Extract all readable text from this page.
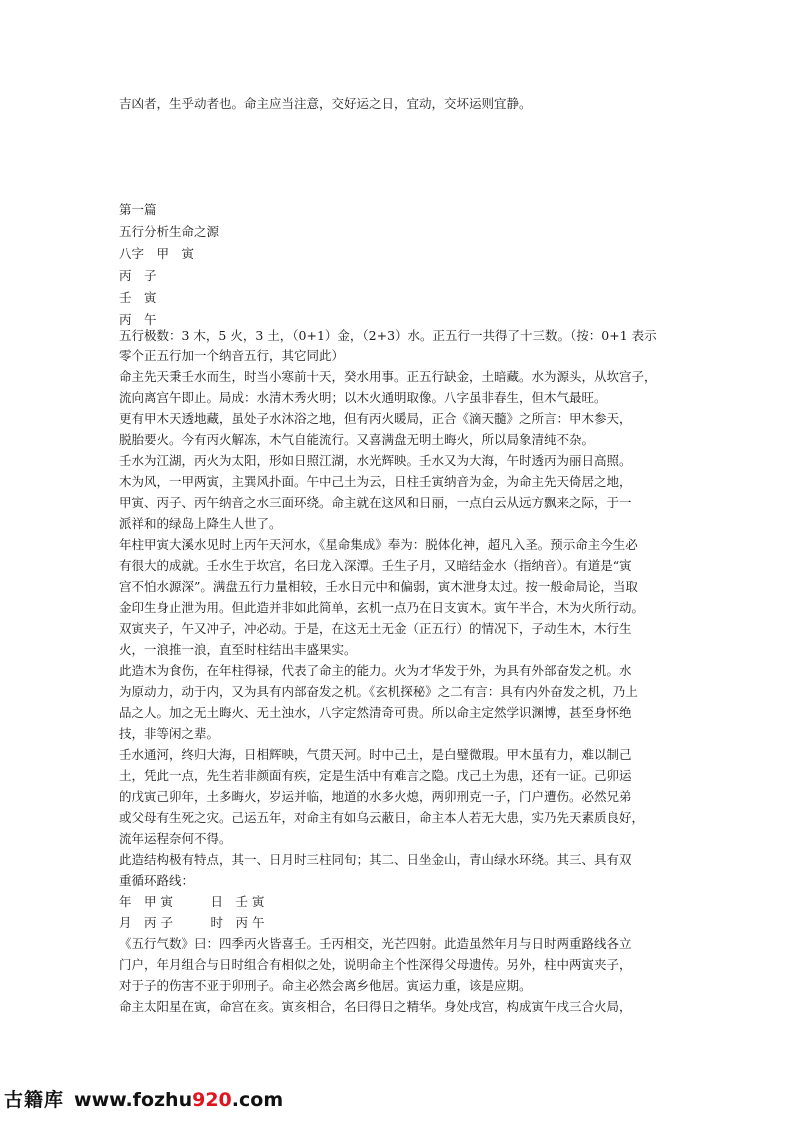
吉凶者，生乎动者也。命主应当注意，交好运之日，宜动，交坏运则宜静。
第一篇
五行分析生命之源
八字　甲　寅
丙　子
壬　寅
丙　午
五行极数：3 木，5 火，3 土，（0+1）金，（2+3）水。正五行一共得了十三数。（按：0+1 表示
零个正五行加一个纳音五行，其它同此）
命主先天秉壬水而生，时当小寒前十天，癸水用事。正五行缺金，土暗藏。水为源头，从坎宫子，
流向离宫午即止。局成：水清木秀火明；以木火通明取像。八字虽非春生，但木气最旺。
更有甲木天透地藏，虽处子水沐浴之地，但有丙火暖局，正合《滴天髓》之所言：甲木参天，
脱胎要火。今有丙火解冻，木气自能流行。又喜满盘无明土晦火，所以局象清纯不杂。
壬水为江湖，丙火为太阳，形如日照江湖，水光辉映。壬水又为大海，午时透丙为丽日高照。
木为风，一甲两寅，主巽风扑面。午中己土为云，日柱壬寅纳音为金，为命主先天倚居之地，
甲寅、丙子、丙午纳音之水三面环绕。命主就在这风和日丽，一点白云从远方飘来之际，于一
派祥和的绿岛上降生人世了。
年柱甲寅大溪水见时上丙午天河水，《星命集成》奉为：脱体化神，超凡入圣。预示命主今生必
有很大的成就。壬水生于坎宫，名曰龙入深潭。壬生子月，又暗结金水（指纳音）。有道是“寅
宫不怕水源深”。满盘五行力量相较，壬水日元中和偏弱，寅木泄身太过。按一般命局论，当取
金印生身止泄为用。但此造并非如此简单，玄机一点乃在日支寅木。寅午半合，木为火所行动。
双寅夹子，午又冲子，冲必动。于是，在这无土无金（正五行）的情况下，子动生木，木行生
火，一浪推一浪，直至时柱结出丰盛果实。
此造木为食伤，在年柱得禄，代表了命主的能力。火为才华发于外，为具有外部奋发之机。水
为原动力，动于内，又为具有内部奋发之机。《玄机探秘》之二有言：具有内外奋发之机，乃上
品之人。加之无土晦火、无土浊水，八字定然清奇可贵。所以命主定然学识渊博，甚至身怀绝
技，非等闲之辈。
壬水通河，终归大海，日相辉映，气贯天河。时中己土，是白璧微瑕。甲木虽有力，难以制己
土，凭此一点，先生若非颜面有疾，定是生活中有难言之隐。戊己土为患，还有一证。己卯运
的戊寅己卯年，土多晦火，岁运并临，地道的水多火熄，两卯刑克一子，门户遭伤。必然兄弟
或父母有生死之灾。己运五年，对命主有如乌云蔽日，命主本人若无大患，实乃先天素质良好，
流年运程奈何不得。
此造结构极有特点，其一、日月时三柱同旬；其二、日坐金山，青山绿水环绕。其三、具有双
重循环路线：
年　甲 寅　　　日　壬 寅
月　丙 子　　　时　丙 午
《五行气数》曰：四季丙火皆喜壬。壬丙相交，光芒四射。此造虽然年月与日时两重路线各立
门户，年月组合与日时组合有相似之处，说明命主个性深得父母遗传。另外，柱中两寅夹子，
对于子的伤害不亚于卯刑子。命主必然会离乡他居。寅运力重，该是应期。
命主太阳星在寅，命宫在亥。寅亥相合，名曰得日之精华。身处戌宫，构成寅午戌三合火局，
古籍库 www.fozhu920.com
